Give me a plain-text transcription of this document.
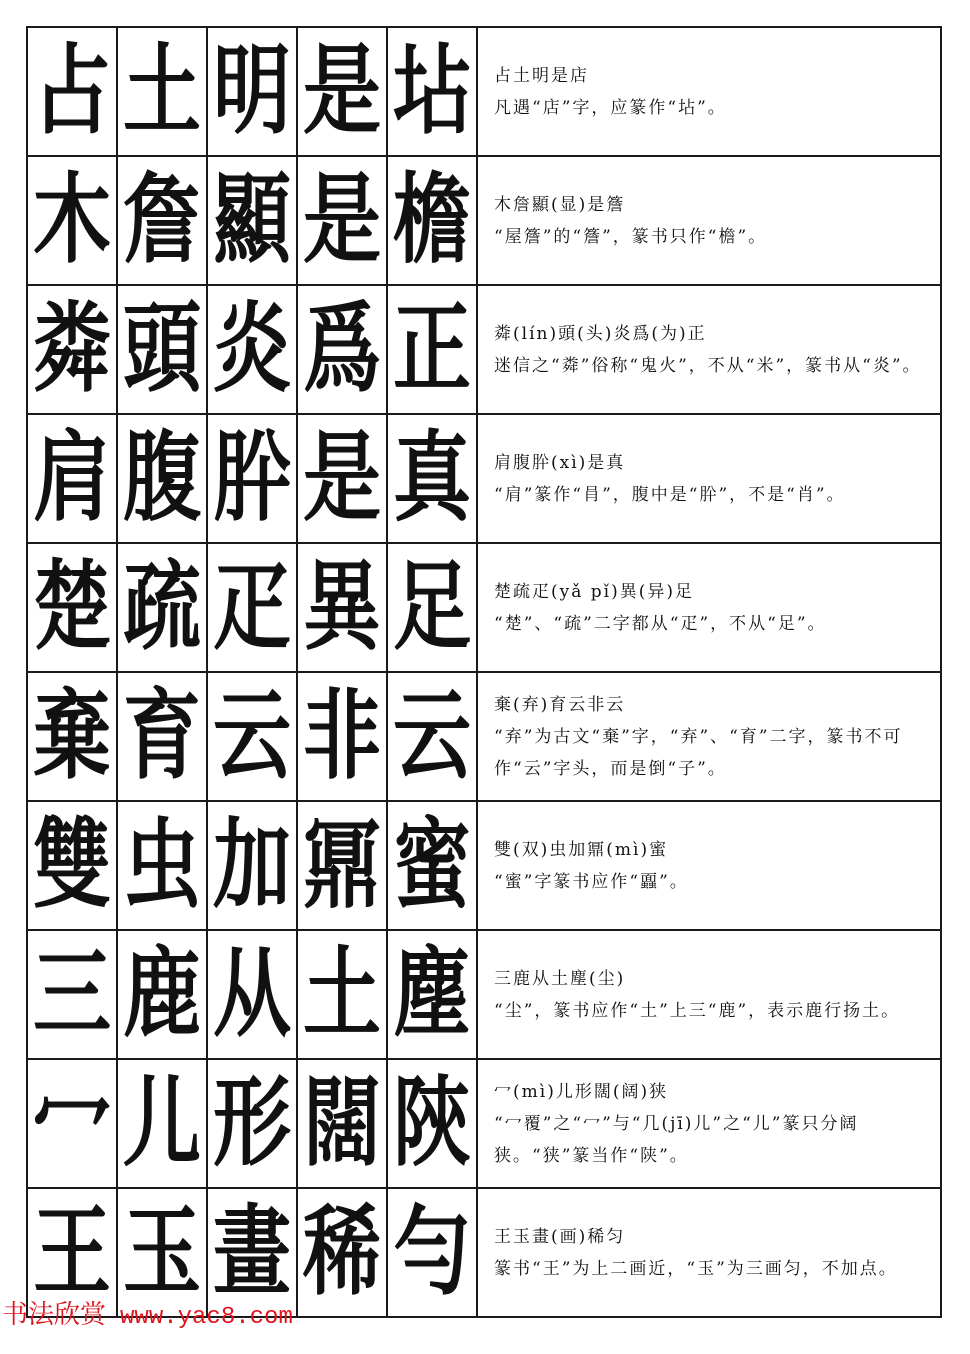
占	土	明	是	坫	占土明是店
凡遇“店”字，应篆作“坫”。

木	詹	顯	是	檐	木詹顯(显)是簷
“屋簷”的“簷”，篆书只作“檐”。

粦	頭	炎	爲	正	粦(lín)頭(头)炎爲(为)正
迷信之“粦”俗称“鬼火”，不从“米”，篆书从“炎”。

肩	腹	肸	是	真	肩腹肸(xì)是真
“肩”篆作“肙”，腹中是“肸”，不是“肖”。

楚	疏	疋	異	足	楚疏疋(yǎ pǐ)異(异)足
“楚”、“疏”二字都从“疋”，不从“足”。

棄	育	云	非	云	棄(弃)育云非云
“弃”为古文“棄”字，“弃”、“育”二字，篆书不可作“云”字头，而是倒“子”。

雙	虫	加	鼏	蜜	雙(双)虫加鼏(mì)蜜
“蜜”字篆书应作“蠠”。

三	鹿	从	土	塵	三鹿从土塵(尘)
“尘”，篆书应作“土”上三“鹿”，表示鹿行扬土。

冖	儿	形	闊	陝	冖(mì)儿形闊(阔)狭
“冖覆”之“冖”与“几(jī)儿”之“儿”篆只分阔狭。“狭”篆当作“陕”。

王	玉	畫	稀	勻	王玉畫(画)稀匀
篆书“王”为上二画近，“玉”为三画匀，不加点。
书法欣赏 www.yac8.com
